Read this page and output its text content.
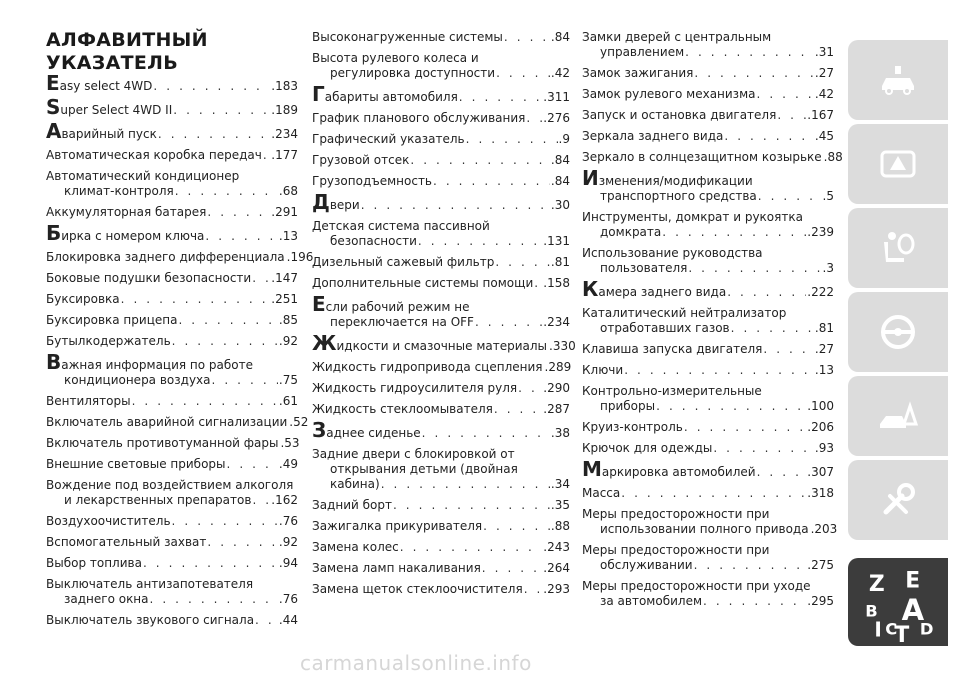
АЛФАВИТНЫЙ
УКАЗАТЕЛЬ
Easy select 4WD . . .	.183
Super Select 4WD II . . .	.189
Аварийный пуск . . .	.234
Автоматическая коробка передач . . . .177
Автоматический кондиционер
климат-контроля . . .	.68
Аккумуляторная батарея . . .	.291
Бирка с номером ключа . . .	.13
Блокировка заднего дифференциала .196
Боковые подушки безопасности . . . .147
Буксировка . . .	.251
Буксировка прицепа . . .	.85
Бутылкодержатель . . .	.92
Важная информация по работе
кондиционера воздуха . . .	.75
Вентиляторы . . .	.61
Включатель аварийной сигнализации .52
Включатель противотуманной фары .53
Внешние световые приборы . . .	.49
Вождение под воздействием алкоголя
и лекарственных препаратов . . . .162
Воздухоочиститель . . .	.76
Вспомогательный захват . . .	.92
Выбор топлива . . .	.94
Выключатель антизапотевателя
заднего окна . . .	.76
Выключатель звукового сигнала . . . .44
Высоконагруженные системы . . .	.84
Высота рулевого колеса и
регулировка доступности . . .	.42
Габариты автомобиля . . .	.311
График планового обслуживания . . . .276
Графический указатель . . .	.9
Грузовой отсек . . .	.84
Грузоподъемность . . .	.84
Двери . . .	.30
Детская система пассивной
безопасности . . .	.131
Дизельный сажевый фильтр . . .	.81
Дополнительные системы помощи . . . .158
Если рабочий режим не
переключается на OFF . . .	.234
Жидкости и смазочные материалы .330
Жидкость гидропривода сцепления .289
Жидкость гидроусилителя руля . . . .290
Жидкость стеклоомывателя . . .	.287
Заднее сиденье . . .	.38
Задние двери с блокировкой от
открывания детьми (двойная
кабина) . . .	.34
Задний борт . . .	.35
Зажигалка прикуривателя . . .	.88
Замена колес . . .	.243
Замена ламп накаливания . . .	.264
Замена щеток стеклоочистителя . . . .293
Замки дверей с центральным
управлением . . .	.31
Замок зажигания . . .	.27
Замок рулевого механизма . . .	.42
Запуск и остановка двигателя . . .	.167
Зеркала заднего вида . . .	.45
Зеркало в солнцезащитном козырьке .88
Изменения/модификации
транспортного средства . . .	.5
Инструменты, домкрат и рукоятка
домкрата . . .	.239
Использование руководства
пользователя . . .	.3
Камера заднего вида . . .	.222
Каталитический нейтрализатор
отработавших газов . . .	.81
Клавиша запуска двигателя . . .	.27
Ключи . . .	.13
Контрольно-измерительные
приборы . . .	.100
Круиз-контроль . . .	.206
Крючок для одежды . . .	.93
Маркировка автомобилей . . .	.307
Масса . . .	.318
Меры предосторожности при
использовании полного привода .203
Меры предосторожности при
обслуживании . . .	.275
Меры предосторожности при уходе
за автомобилем . . .	.295
Z E
B A
I C
T D
carmanualsonline.info
